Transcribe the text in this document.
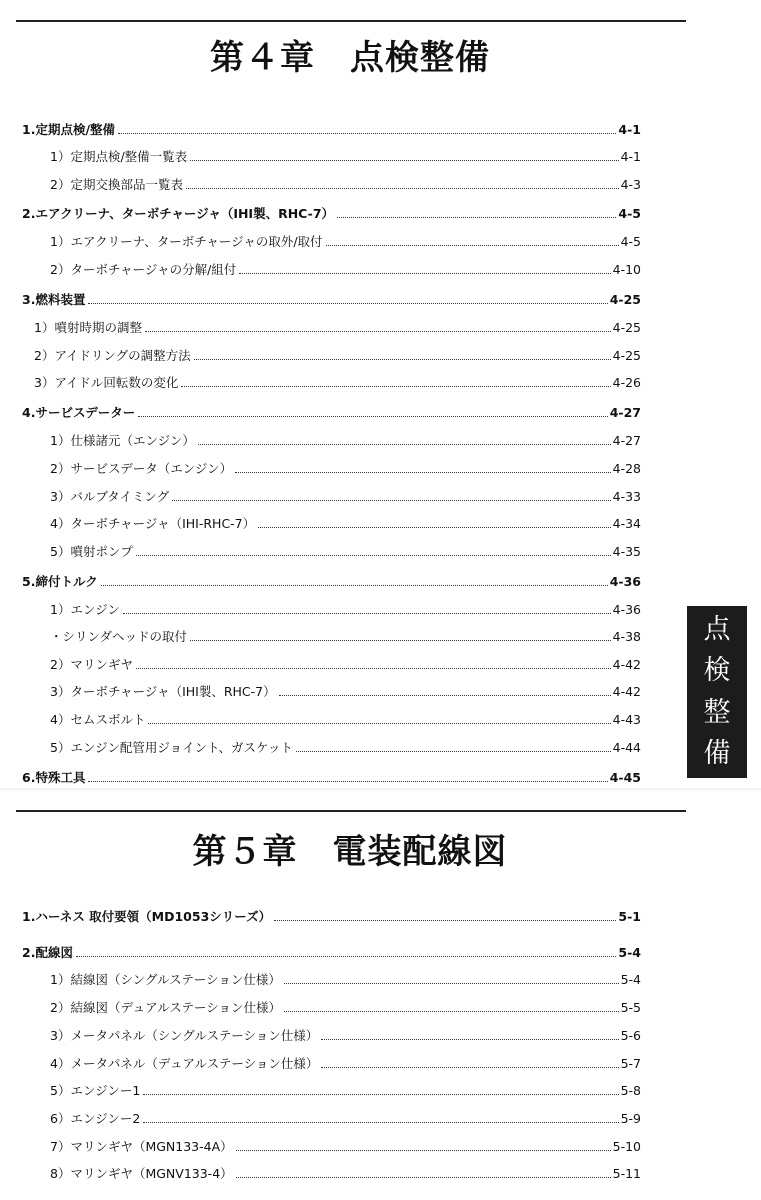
第４章　点検整備
1.定期点検/整備	4-1
1）定期点検/整備一覧表	4-1
2）定期交換部品一覧表	4-3
2.エアクリーナ、ターボチャージャ（IHI製、RHC-7）	4-5
1）エアクリーナ、ターボチャージャの取外/取付	4-5
2）ターボチャージャの分解/組付	4-10
3.燃料装置	4-25
1）噴射時期の調整	4-25
2）アイドリングの調整方法	4-25
3）アイドル回転数の変化	4-26
4.サービスデーター	4-27
1）仕様諸元（エンジン）	4-27
2）サービスデータ（エンジン）	4-28
3）バルブタイミング	4-33
4）ターボチャージャ（IHI-RHC-7）	4-34
5）噴射ポンプ	4-35
5.締付トルク	4-36
1）エンジン	4-36
・シリンダヘッドの取付	4-38
2）マリンギヤ	4-42
3）ターボチャージャ（IHI製、RHC-7）	4-42
4）セムスボルト	4-43
5）エンジン配管用ジョイント、ガスケット	4-44
6.特殊工具	4-45
点
検
整
備
第５章　電装配線図
1.ハーネス 取付要領（MD1053シリーズ）	5-1
2.配線図	5-4
1）結線図（シングルステーション仕様）	5-4
2）結線図（デュアルステーション仕様）	5-5
3）メータパネル（シングルステーション仕様）	5-6
4）メータパネル（デュアルステーション仕様）	5-7
5）エンジンー1	5-8
6）エンジンー2	5-9
7）マリンギヤ（MGN133-4A）	5-10
8）マリンギヤ（MGNV133-4）	5-11
